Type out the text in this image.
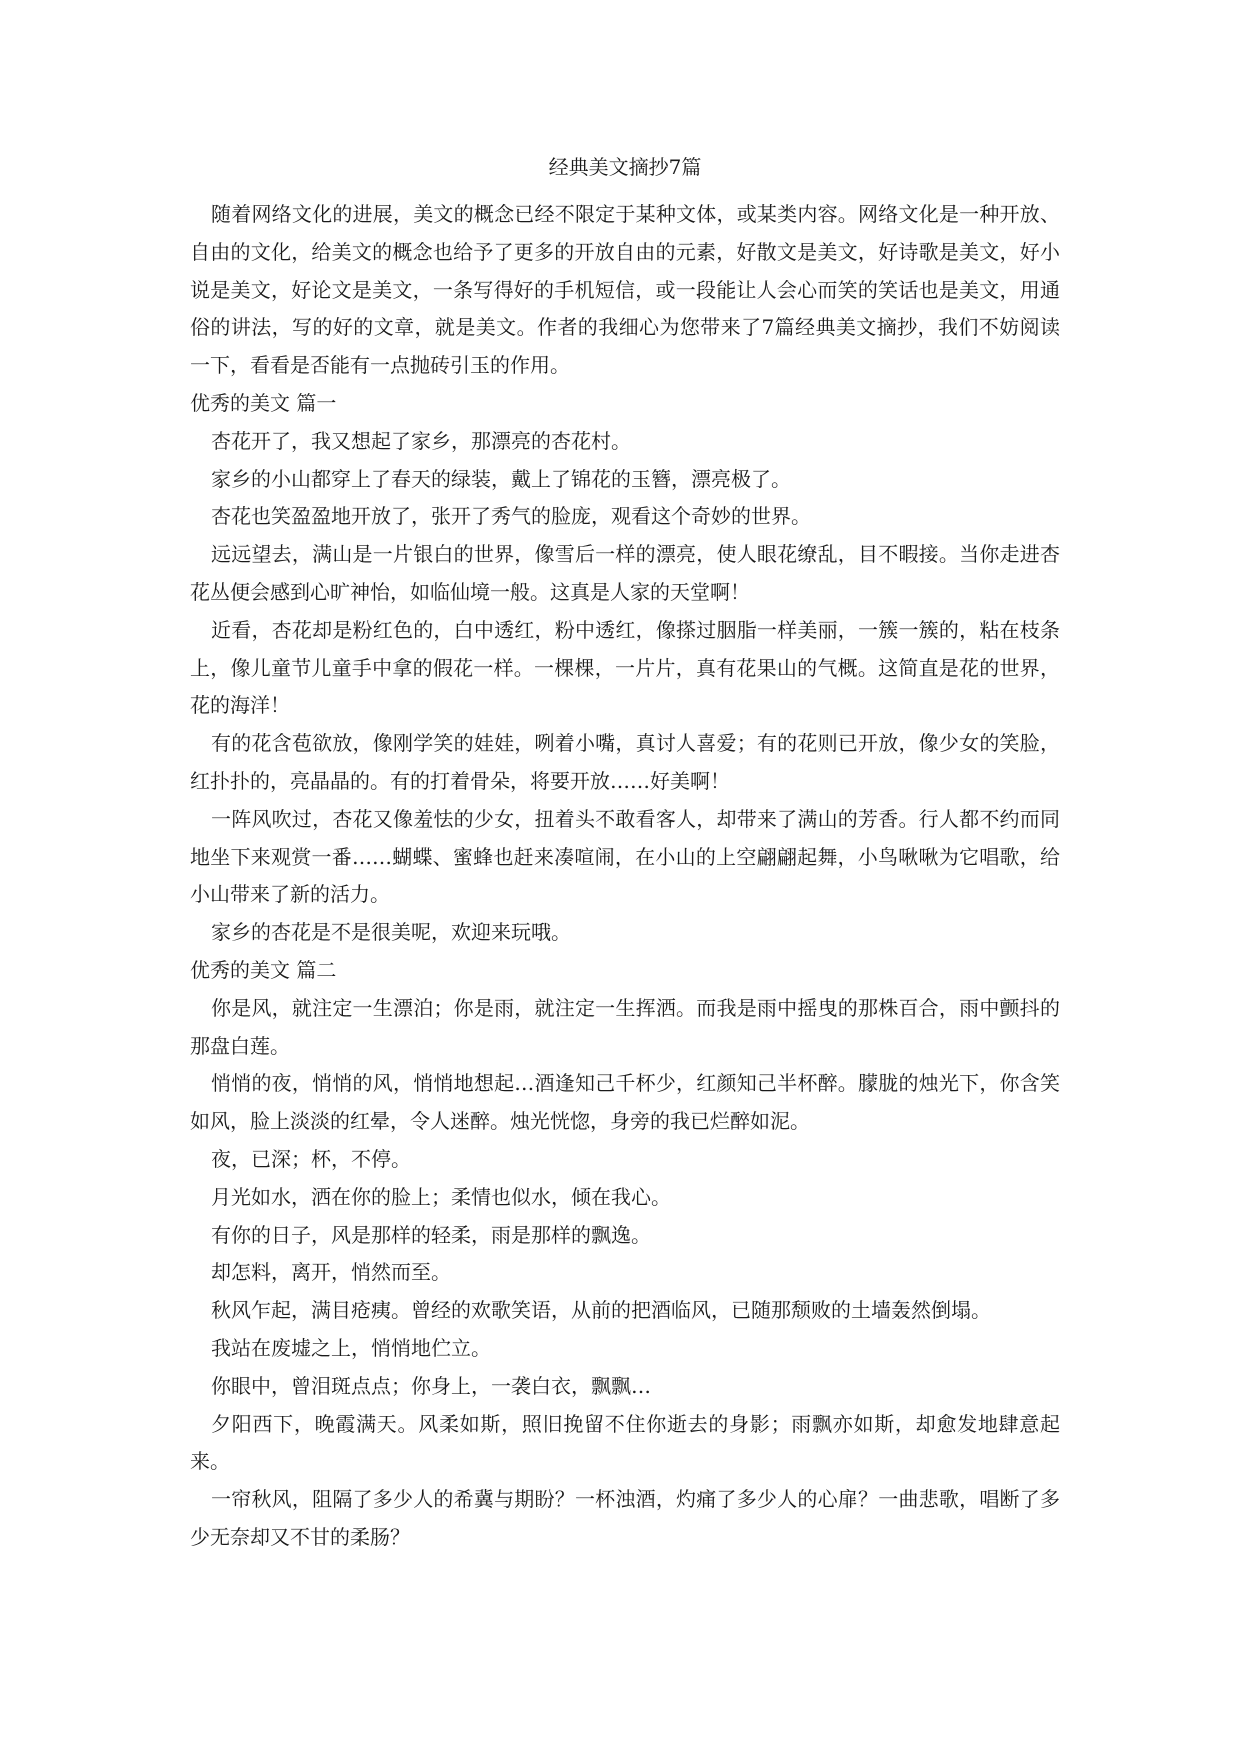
经典美文摘抄7篇

随着网络文化的进展，美文的概念已经不限定于某种文体，或某类内容。网络文化是一种开放、自由的文化，给美文的概念也给予了更多的开放自由的元素，好散文是美文，好诗歌是美文，好小说是美文，好论文是美文，一条写得好的手机短信，或一段能让人会心而笑的笑话也是美文，用通俗的讲法，写的好的文章，就是美文。作者的我细心为您带来了7篇经典美文摘抄，我们不妨阅读一下，看看是否能有一点抛砖引玉的作用。

优秀的美文 篇一

杏花开了，我又想起了家乡，那漂亮的杏花村。

家乡的小山都穿上了春天的绿装，戴上了锦花的玉簪，漂亮极了。

杏花也笑盈盈地开放了，张开了秀气的脸庞，观看这个奇妙的世界。

远远望去，满山是一片银白的世界，像雪后一样的漂亮，使人眼花缭乱，目不暇接。当你走进杏花丛便会感到心旷神怡，如临仙境一般。这真是人家的天堂啊！

近看，杏花却是粉红色的，白中透红，粉中透红，像搽过胭脂一样美丽，一簇一簇的，粘在枝条上，像儿童节儿童手中拿的假花一样。一棵棵，一片片，真有花果山的气概。这简直是花的世界，花的海洋！

有的花含苞欲放，像刚学笑的娃娃，咧着小嘴，真讨人喜爱；有的花则已开放，像少女的笑脸，红扑扑的，亮晶晶的。有的打着骨朵，将要开放……好美啊！

一阵风吹过，杏花又像羞怯的少女，扭着头不敢看客人，却带来了满山的芳香。行人都不约而同地坐下来观赏一番……蝴蝶、蜜蜂也赶来凑喧闹，在小山的上空翩翩起舞，小鸟啾啾为它唱歌，给小山带来了新的活力。

家乡的杏花是不是很美呢，欢迎来玩哦。

优秀的美文 篇二

你是风，就注定一生漂泊；你是雨，就注定一生挥洒。而我是雨中摇曳的那株百合，雨中颤抖的那盘白莲。

悄悄的夜，悄悄的风，悄悄地想起…酒逢知己千杯少，红颜知己半杯醉。朦胧的烛光下，你含笑如风，脸上淡淡的红晕，令人迷醉。烛光恍惚，身旁的我已烂醉如泥。

夜，已深；杯，不停。

月光如水，洒在你的脸上；柔情也似水，倾在我心。

有你的日子，风是那样的轻柔，雨是那样的飘逸。

却怎料，离开，悄然而至。

秋风乍起，满目疮痍。曾经的欢歌笑语，从前的把酒临风，已随那颓败的土墙轰然倒塌。

我站在废墟之上，悄悄地伫立。

你眼中，曾泪斑点点；你身上，一袭白衣，飘飘…

夕阳西下，晚霞满天。风柔如斯，照旧挽留不住你逝去的身影；雨飘亦如斯，却愈发地肆意起来。

一帘秋风，阻隔了多少人的希冀与期盼？一杯浊酒，灼痛了多少人的心扉？一曲悲歌，唱断了多少无奈却又不甘的柔肠？
